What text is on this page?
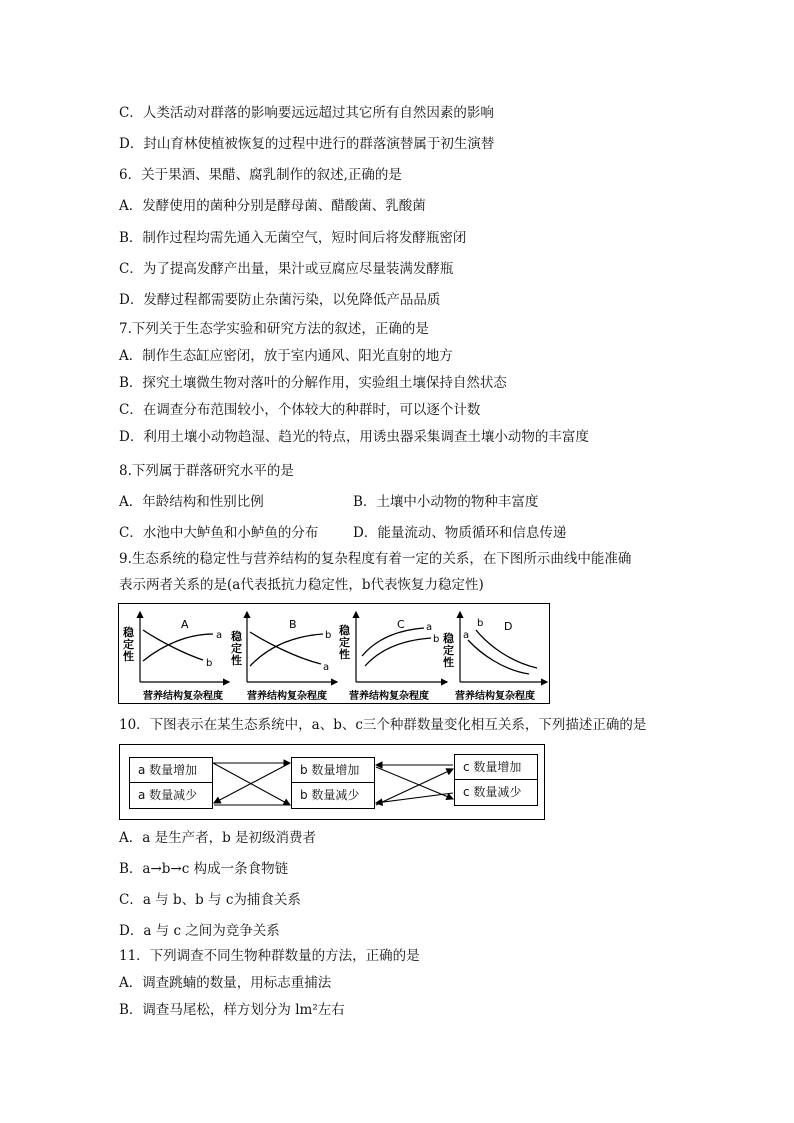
C．人类活动对群落的影响要远远超过其它所有自然因素的影响
D．封山育林使植被恢复的过程中进行的群落演替属于初生演替
6．关于果酒、果醋、腐乳制作的叙述,正确的是
A．发酵使用的菌种分别是酵母菌、醋酸菌、乳酸菌
B．制作过程均需先通入无菌空气，短时间后将发酵瓶密闭
C．为了提高发酵产出量，果汁或豆腐应尽量装满发酵瓶
D．发酵过程都需要防止杂菌污染，以免降低产品品质
7.下列关于生态学实验和研究方法的叙述，正确的是
A．制作生态缸应密闭，放于室内通风、阳光直射的地方
B．探究土壤微生物对落叶的分解作用，实验组土壤保持自然状态
C．在调查分布范围较小，个体较大的种群时，可以逐个计数
D．利用土壤小动物趋湿、趋光的特点，用诱虫器采集调查土壤小动物的丰富度
8.下列属于群落研究水平的是
A．年龄结构和性别比例	B．土壤中小动物的物种丰富度
C．水池中大鲈鱼和小鲈鱼的分布	D．能量流动、物质循环和信息传递
9.生态系统的稳定性与营养结构的复杂程度有着一定的关系，在下图所示曲线中能准确
表示两者关系的是(a代表抵抗力稳定性，b代表恢复力稳定性)
稳
定
性
A
a
b
营养结构复杂程度
稳
定
性
B
b
a
营养结构复杂程度
稳
定
性
C a
b
营养结构复杂程度
稳
定
性
D
a
b
营养结构复杂程度
10．下图表示在某生态系统中，a、b、c三个种群数量变化相互关系，下列描述正确的是
a 数量增加
a 数量减少
b 数量增加
b 数量减少
c 数量增加
c 数量减少
A．a 是生产者，b 是初级消费者
B．a→b→c 构成一条食物链
C．a 与 b、b 与 c为捕食关系
D．a 与 c 之间为竞争关系
11．下列调查不同生物种群数量的方法，正确的是
A．调查跳蝻的数量，用标志重捕法
B．调查马尾松，样方划分为 lm²左右
